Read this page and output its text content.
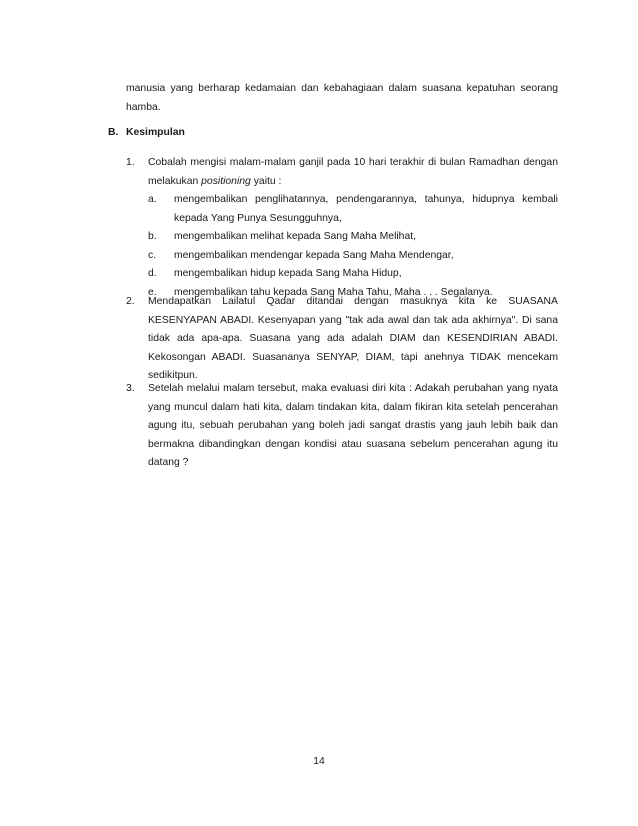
manusia yang berharap kedamaian dan kebahagiaan dalam suasana kepatuhan seorang hamba.

B. Kesimpulan

1. Cobalah mengisi malam-malam ganjil pada 10 hari terakhir di bulan Ramadhan dengan melakukan positioning yaitu :
a. mengembalikan penglihatannya, pendengarannya, tahunya, hidupnya kembali kepada Yang Punya Sesungguhnya,
b. mengembalikan melihat kepada Sang Maha Melihat,
c. mengembalikan mendengar kepada Sang Maha Mendengar,
d. mengembalikan hidup kepada Sang Maha Hidup,
e. mengembalikan tahu kepada Sang Maha Tahu, Maha . . . Segalanya.
2. Mendapatkan Lailatul Qadar ditandai dengan masuknya kita ke SUASANA KESENYAPAN ABADI. Kesenyapan yang "tak ada awal dan tak ada akhirnya". Di sana tidak ada apa-apa. Suasana yang ada adalah DIAM dan KESENDIRIAN ABADI. Kekosongan ABADI. Suasananya SENYAP, DIAM, tapi anehnya TIDAK mencekam sedikitpun.
3. Setelah melalui malam tersebut, maka evaluasi diri kita : Adakah perubahan yang nyata yang muncul dalam hati kita, dalam tindakan kita, dalam fikiran kita setelah pencerahan agung itu, sebuah perubahan yang boleh jadi sangat drastis yang jauh lebih baik dan bermakna dibandingkan dengan kondisi atau suasana sebelum pencerahan agung itu datang ?
14
